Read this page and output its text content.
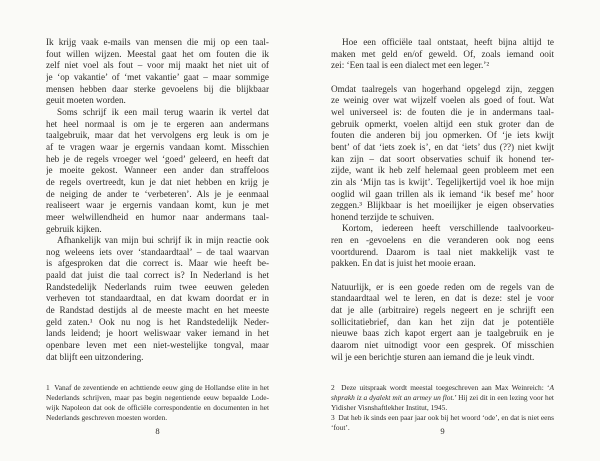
Ik krijg vaak e-mails van mensen die mij op een taal-
fout willen wijzen. Meestal gaat het om fouten die ik
zelf niet voel als fout – voor mij maakt het niet uit of
je ‘op vakantie’ of ‘met vakantie’ gaat – maar sommige
mensen hebben daar sterke gevoelens bij die blijkbaar
geuit moeten worden.
Soms schrijf ik een mail terug waarin ik vertel dat
het heel normaal is om je te ergeren aan andermans
taalgebruik, maar dat het vervolgens erg leuk is om je
af te vragen waar je ergernis vandaan komt. Misschien
heb je de regels vroeger wel ‘goed’ geleerd, en heeft dat
je moeite gekost. Wanneer een ander dan straffeloos
de regels overtreedt, kun je dat niet hebben en krijg je
de neiging de ander te ‘verbeteren’. Als je je eenmaal
realiseert waar je ergernis vandaan komt, kun je met
meer welwillendheid en humor naar andermans taal-
gebruik kijken.
Afhankelijk van mijn bui schrijf ik in mijn reactie ook
nog weleens iets over ‘standaardtaal’ – de taal waarvan
is afgesproken dat die correct is. Maar wie heeft be-
paald dat juist die taal correct is? In Nederland is het
Randstedelijk Nederlands ruim twee eeuwen geleden
verheven tot standaardtaal, en dat kwam doordat er in
de Randstad destijds al de meeste macht en het meeste
geld zaten.¹ Ook nu nog is het Randstedelijk Neder-
lands leidend; je hoort weliswaar vaker iemand in het
openbare leven met een niet-westelijke tongval, maar
dat blijft een uitzondering.
1  Vanaf de zeventiende en achttiende eeuw ging de Hollandse elite in het
Nederlands schrijven, maar pas begin negentiende eeuw bepaalde Lode-
wijk Napoleon dat ook de officiële correspondentie en documenten in het
Nederlands geschreven moesten worden.
8
Hoe een officiële taal ontstaat, heeft bijna altijd te
maken met geld en/of geweld. Of, zoals iemand ooit
zei: ‘Een taal is een dialect met een leger.’²
Omdat taalregels van hogerhand opgelegd zijn, zeggen
ze weinig over wat wijzelf voelen als goed of fout. Wat
wel universeel is: de fouten die je in andermans taal-
gebruik opmerkt, voelen altijd een stuk groter dan de
fouten die anderen bij jou opmerken. Of ‘je iets kwijt
bent’ of dat ‘iets zoek is’, en dat ‘iets’ dus (??) niet kwijt
kan zijn – dat soort observaties schuif ik honend ter-
zijde, want ik heb zelf helemaal geen probleem met een
zin als ‘Mijn tas is kwijt’. Tegelijkertijd voel ik hoe mijn
ooglid wil gaan trillen als ik iemand ‘ik besef me’ hoor
zeggen.³ Blijkbaar is het moeilijker je eigen observaties
honend terzijde te schuiven.
Kortom, iedereen heeft verschillende taalvoorkeu-
ren en -gevoelens en die veranderen ook nog eens
voortdurend. Daarom is taal niet makkelijk vast te
pakken. En dat is juist het mooie eraan.
Natuurlijk, er is een goede reden om de regels van de
standaardtaal wel te leren, en dat is deze: stel je voor
dat je alle (arbitraire) regels negeert en je schrijft een
sollicitatiebrief, dan kan het zijn dat je potentiële
nieuwe baas zich kapot ergert aan je taalgebruik en je
daarom niet uitnodigt voor een gesprek. Of misschien
wil je een berichtje sturen aan iemand die je leuk vindt.
2  Deze uitspraak wordt meestal toegeschreven aan Max Weinreich: ‘A
shprakh iz a dyalekt mit an armey un flot.’ Hij zei dit in een lezing voor het
Yidisher Visnshaftlekher Institut, 1945.
3  Dat heb ik sinds een paar jaar ook bij het woord ‘ode’, en dat is niet eens
‘fout’.	9
